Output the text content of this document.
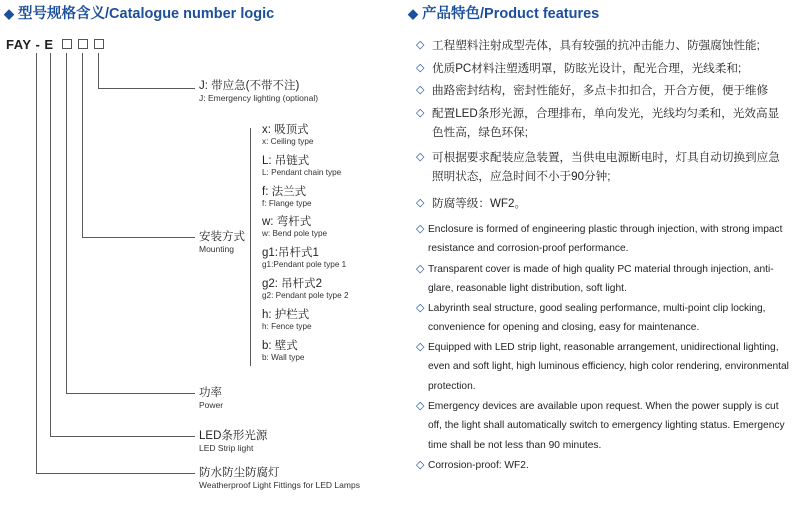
◆ 型号规格含义/Catalogue number logic
FAY - E
J: 带应急(不带不注)
J: Emergency lighting (optional)
安装方式
Mounting
功率
Power
LED条形光源
LED Strip light
防水防尘防腐灯
Weatherproof Light Fittings for LED Lamps
x: 吸顶式
x: Ceiling type
L: 吊链式
L: Pendant chain type
f: 法兰式
f: Flange type
w: 弯杆式
w: Bend pole type
g1:吊杆式1
g1:Pendant pole type 1
g2: 吊杆式2
g2: Pendant pole type 2
h: 护栏式
h: Fence type
b: 壁式
b: Wall type
◆ 产品特色/Product features
◇ 工程塑料注射成型壳体，具有较强的抗冲击能力、防强腐蚀性能;
◇ 优质PC材料注塑透明罩，防眩光设计，配光合理，光线柔和;
◇ 曲路密封结构，密封性能好，多点卡扣扣合，开合方便，便于维修
◇ 配置LED条形光源，合理排布，单向发光，光线均匀柔和，光效高显色性高，绿色环保;
◇ 可根据要求配装应急装置，当供电电源断电时，灯具自动切换到应急照明状态，应急时间不小于90分钟;
◇ 防腐等级：WF2。
◇ Enclosure is formed of engineering plastic through injection, with strong impact resistance and corrosion-proof performance.
◇ Transparent cover is made of high quality PC material through injection, anti-glare, reasonable light distribution, soft light.
◇ Labyrinth seal structure, good sealing performance, multi-point clip locking, convenience for opening and closing, easy for maintenance.
◇ Equipped with LED strip light, reasonable arrangement, unidirectional lighting, even and soft light, high luminous efficiency, high color rendering, environmental protection.
◇ Emergency devices are available upon request. When the power supply is cut off, the light shall automatically switch to emergency lighting status. Emergency time shall be not less than 90 minutes.
◇ Corrosion-proof: WF2.
